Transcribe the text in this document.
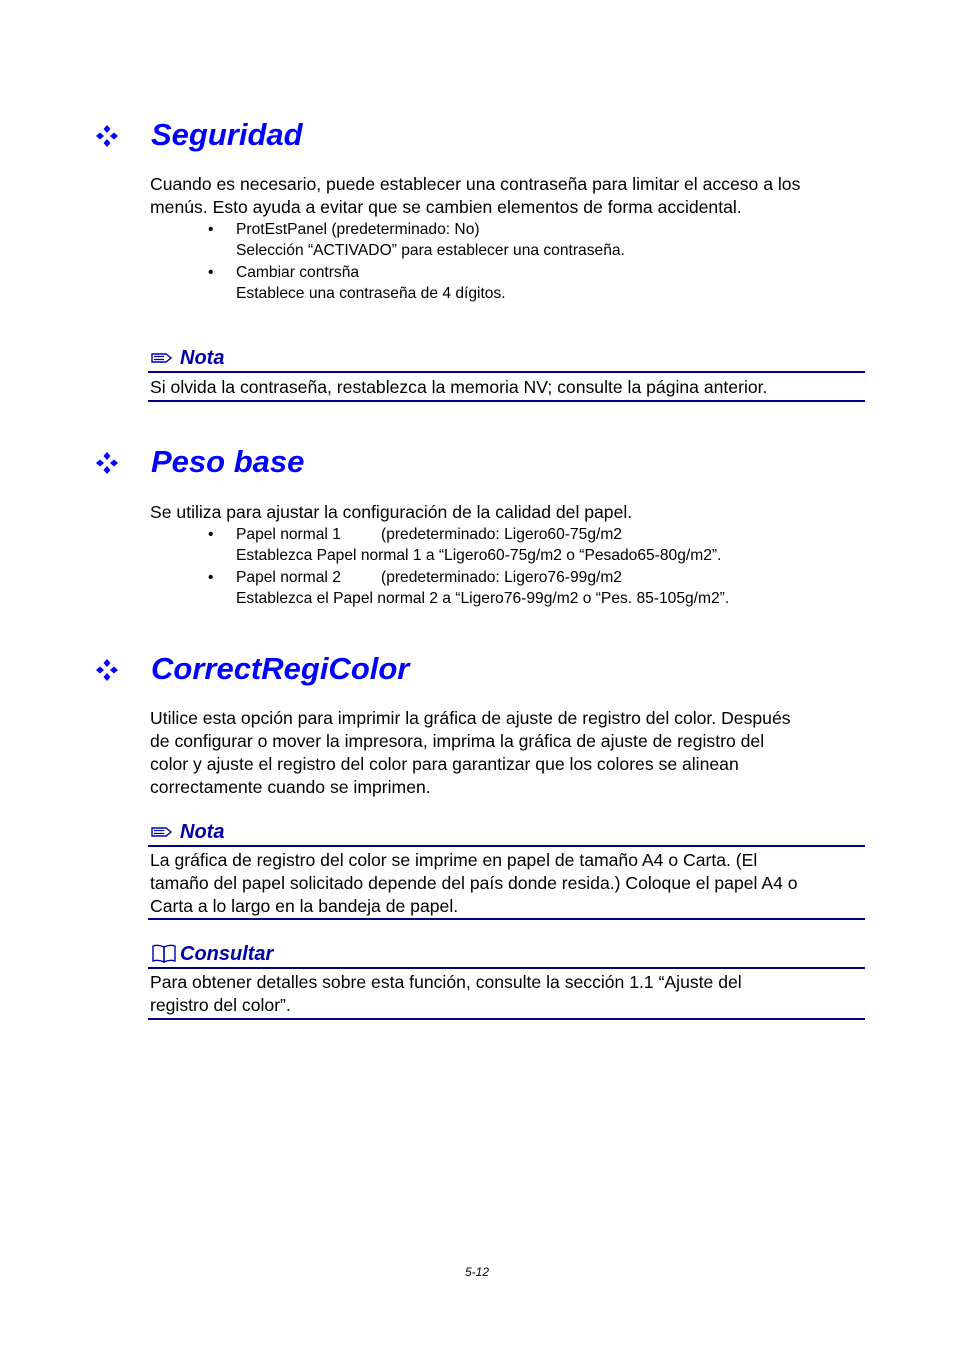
Seguridad
Cuando es necesario, puede establecer una contraseña para limitar el acceso a los
menús. Esto ayuda a evitar que se cambien elementos de forma accidental.
•	ProtEstPanel (predeterminado: No)
Selección “ACTIVADO” para establecer una contraseña.
•	Cambiar contrsña
Establece una contraseña de 4 dígitos.
Nota
Si olvida la contraseña, restablezca la memoria NV; consulte la página anterior.
Peso base
Se utiliza para ajustar la configuración de la calidad del papel.
•	Papel normal 1	(predeterminado: Ligero60-75g/m2
Establezca Papel normal 1 a “Ligero60-75g/m2 o “Pesado65-80g/m2”.
•	Papel normal 2	(predeterminado: Ligero76-99g/m2
Establezca el Papel normal 2 a “Ligero76-99g/m2 o “Pes. 85-105g/m2”.
CorrectRegiColor
Utilice esta opción para imprimir la gráfica de ajuste de registro del color. Después
de configurar o mover la impresora, imprima la gráfica de ajuste de registro del
color y ajuste el registro del color para garantizar que los colores se alinean
correctamente cuando se imprimen.
Nota
La gráfica de registro del color se imprime en papel de tamaño A4 o Carta. (El
tamaño del papel solicitado depende del país donde resida.) Coloque el papel A4 o
Carta a lo largo en la bandeja de papel.
Consultar
Para obtener detalles sobre esta función, consulte la sección 1.1 “Ajuste del
registro del color”.
5-12
